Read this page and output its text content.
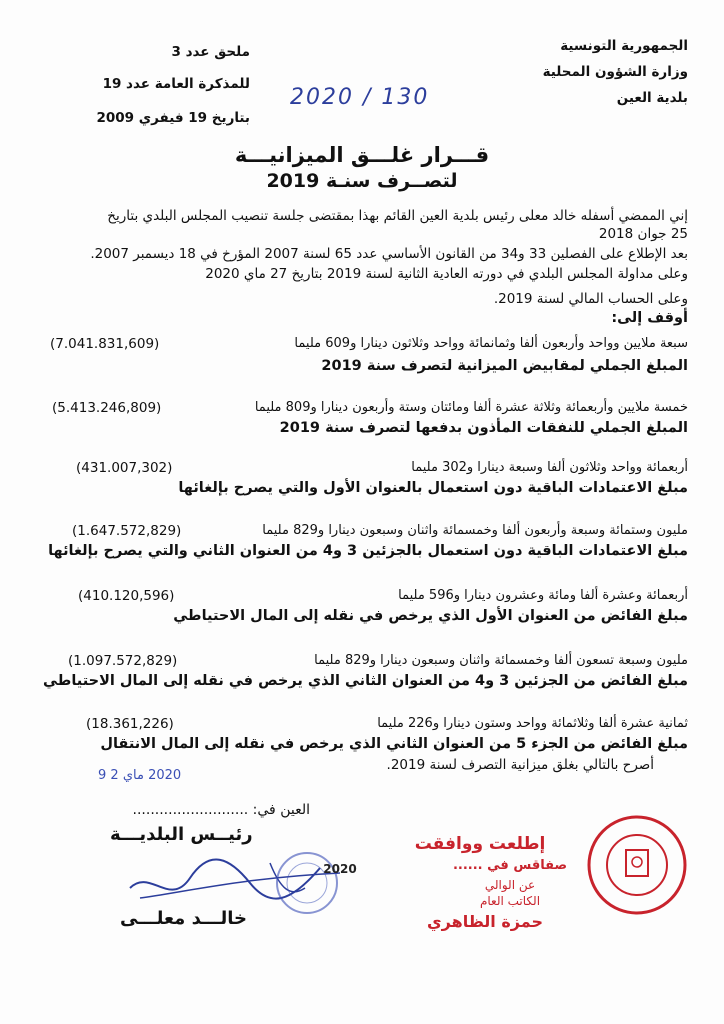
الجمهورية التونسية
وزارة الشؤون المحلية
بلدية العين
ملحق عدد 3
للمذكرة العامة عدد 19
بتاريخ 19 فيفري 2009
2020 / 130
قـــرار غلـــق الميزانيـــة
لتصــرف سنـة 2019
إني الممضي أسفله خالد معلى رئيس بلدية العين القائم بهذا بمقتضى جلسة تنصيب المجلس البلدي بتاريخ
25 جوان 2018
بعد الإطلاع على الفصلين 33 و34 من القانون الأساسي عدد 65 لسنة 2007 المؤرخ في 18 ديسمبر 2007.
وعلى مداولة المجلس البلدي في دورته العادية الثانية لسنة 2019 بتاريخ 27 ماي 2020
وعلى الحساب المالي لسنة 2019.
أوقف إلى:
سبعة ملايين وواحد وأربعون ألفا وثمانمائة وواحد وثلاثون دينارا و609 مليما
(7.041.831,609)
المبلغ الجملي لمقابيض الميزانية لتصرف سنة 2019
خمسة ملايين وأربعمائة وثلاثة عشرة ألفا ومائتان وستة وأربعون دينارا و809 مليما
(5.413.246,809)
المبلغ الجملي للنفقات المأذون بدفعها لتصرف سنة 2019
أربعمائة وواحد وثلاثون ألفا وسبعة دينارا و302 مليما
(431.007,302)
مبلغ الاعتمادات الباقية دون استعمال بالعنوان الأول والتي يصرح بإلغائها
مليون وستمائة وسبعة وأربعون ألفا وخمسمائة واثنان وسبعون دينارا و829 مليما
(1.647.572,829)
مبلغ الاعتمادات الباقية دون استعمال بالجزئين 3 و4 من العنوان الثاني والتي يصرح بإلغائها
أربعمائة وعشرة ألفا ومائة وعشرون دينارا و596 مليما
(410.120,596)
مبلغ الفائض من العنوان الأول الذي يرخص في نقله إلى المال الاحتياطي
مليون وسبعة تسعون ألفا وخمسمائة واثنان وسبعون دينارا و829 مليما
(1.097.572,829)
مبلغ الفائض من الجزئين 3 و4 من العنوان الثاني الذي يرخص في نقله إلى المال الاحتياطي
ثمانية عشرة ألفا وثلاثمائة وواحد وستون دينارا و226 مليما
(18.361,226)
مبلغ الفائض من الجزء 5 من العنوان الثاني الذي يرخص في نقله إلى المال الانتقال
أصرح بالتالي بغلق ميزانية التصرف لسنة 2019.
2020 ماي 2 9
العين في: ..........................
رئيــس البلديـــة
خالـــد معلـــى
إطلعت ووافقت
صفاقس في ......
2020
عن الوالي
الكاتب العام
حمزة الظاهري
